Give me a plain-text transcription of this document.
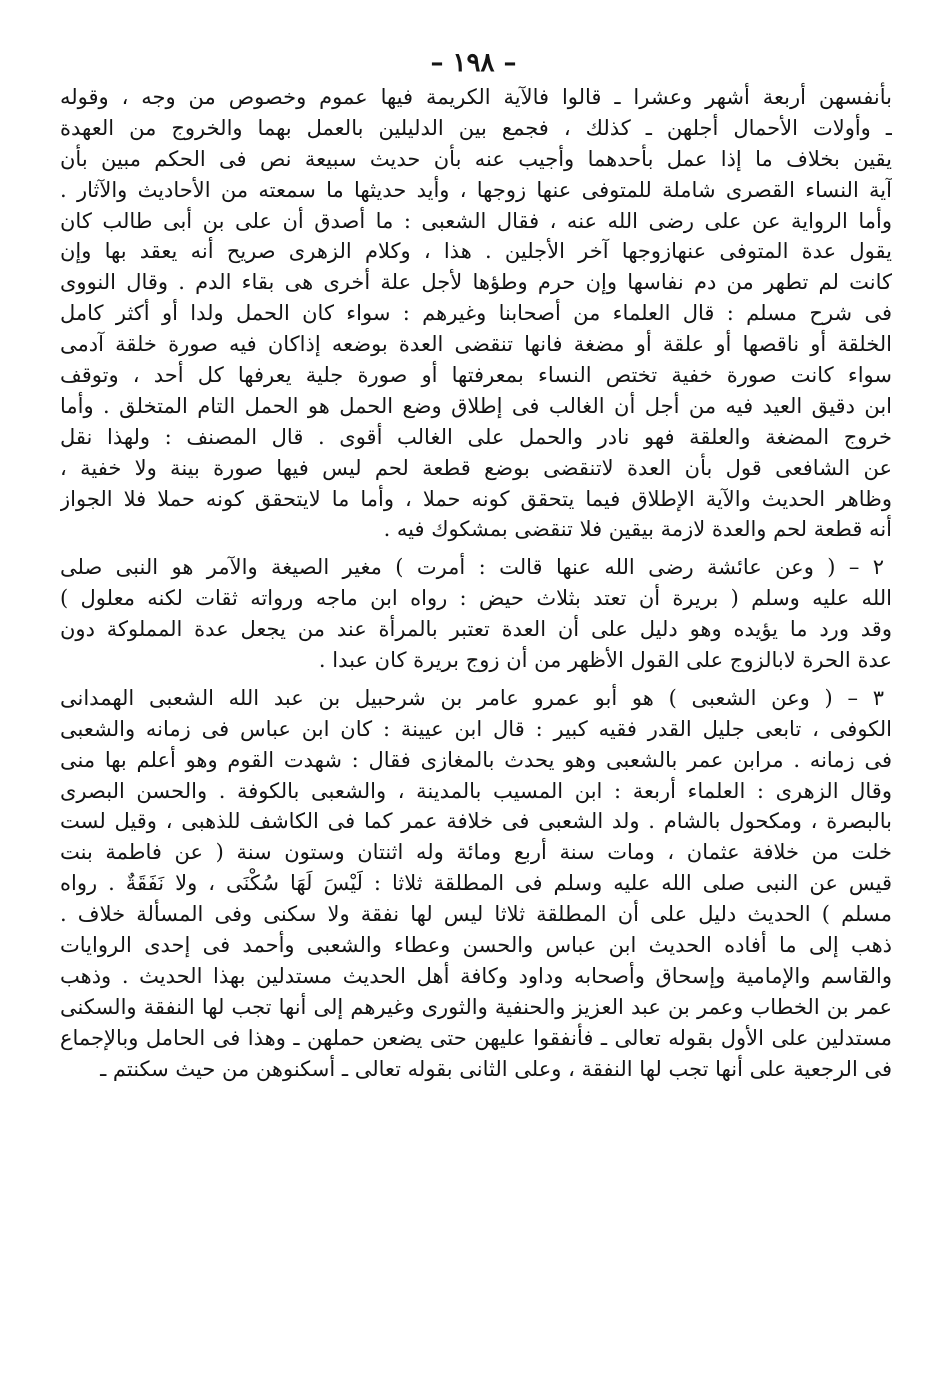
– ۱۹۸ –
بأنفسهن أربعة أشهر وعشرا ـ قالوا فالآية الكريمة فيها عموم وخصوص من وجه ، وقوله
ـ وأولات الأحمال أجلهن ـ كذلك ، فجمع بين الدليلين بالعمل بهما والخروج من العهدة
يقين بخلاف ما إذا عمل بأحدهما وأجيب عنه بأن حديث سبيعة نص فى الحكم مبين بأن
آية النساء القصرى شاملة للمتوفى عنها زوجها ، وأيد حديثها ما سمعته من الأحاديث والآثار .
وأما الرواية عن على رضى الله عنه ، فقال الشعبى : ما أصدق أن على بن أبى طالب كان
يقول عدة المتوفى عنهازوجها آخر الأجلين . هذا ، وكلام الزهرى صريح أنه يعقد بها وإن
كانت لم تطهر من دم نفاسها وإن حرم وطؤها لأجل علة أخرى هى بقاء الدم . وقال النووى
فى شرح مسلم : قال العلماء من أصحابنا وغيرهم : سواء كان الحمل ولدا أو أكثر كامل
الخلقة أو ناقصها أو علقة أو مضغة فانها تنقضى العدة بوضعه إذاكان فيه صورة خلقة آدمى
سواء كانت صورة خفية تختص النساء بمعرفتها أو صورة جلية يعرفها كل أحد ، وتوقف
ابن دقيق العيد فيه من أجل أن الغالب فى إطلاق وضع الحمل هو الحمل التام المتخلق . وأما
خروج المضغة والعلقة فهو نادر والحمل على الغالب أقوى . قال المصنف : ولهذا نقل
عن الشافعى قول بأن العدة لاتنقضى بوضع قطعة لحم ليس فيها صورة بينة ولا خفية ،
وظاهر الحديث والآية الإطلاق فيما يتحقق كونه حملا ، وأما ما لايتحقق كونه حملا فلا الجواز
أنه قطعة لحم والعدة لازمة بيقين فلا تنقضى بمشكوك فيه .
٢ – ( وعن عائشة رضى الله عنها قالت : أمرت ) مغير الصيغة والآمر هو النبى صلى
الله عليه وسلم ( بريرة أن تعتد بثلاث حيض : رواه ابن ماجه ورواته ثقات لكنه معلول )
وقد ورد ما يؤيده وهو دليل على أن العدة تعتبر بالمرأة عند من يجعل عدة المملوكة دون
عدة الحرة لابالزوج على القول الأظهر من أن زوج بريرة كان عبدا .
٣ – ( وعن الشعبى ) هو أبو عمرو عامر بن شرحبيل بن عبد الله الشعبى الهمدانى
الكوفى ، تابعى جليل القدر فقيه كبير : قال ابن عيينة : كان ابن عباس فى زمانه والشعبى
فى زمانه . مرابن عمر بالشعبى وهو يحدث بالمغازى فقال : شهدت القوم وهو أعلم بها منى
وقال الزهرى : العلماء أربعة : ابن المسيب بالمدينة ، والشعبى بالكوفة . والحسن البصرى
بالبصرة ، ومكحول بالشام . ولد الشعبى فى خلافة عمر كما فى الكاشف للذهبى ، وقيل لست
خلت من خلافة عثمان ، ومات سنة أربع ومائة وله اثنتان وستون سنة ( عن فاطمة بنت
قيس عن النبى صلى الله عليه وسلم فى المطلقة ثلاثا : لَيْسَ لَهَا سُكْنَى ، ولا نَفَقَةٌ . رواه
مسلم ) الحديث دليل على أن المطلقة ثلاثا ليس لها نفقة ولا سكنى وفى المسألة خلاف .
ذهب إلى ما أفاده الحديث ابن عباس والحسن وعطاء والشعبى وأحمد فى إحدى الروايات
والقاسم والإمامية وإسحاق وأصحابه وداود وكافة أهل الحديث مستدلين بهذا الحديث . وذهب
عمر بن الخطاب وعمر بن عبد العزيز والحنفية والثورى وغيرهم إلى أنها تجب لها النفقة والسكنى
مستدلين على الأول بقوله تعالى ـ فأنفقوا عليهن حتى يضعن حملهن ـ وهذا فى الحامل وبالإجماع
فى الرجعية على أنها تجب لها النفقة ، وعلى الثانى بقوله تعالى ـ أسكنوهن من حيث سكنتم ـ
